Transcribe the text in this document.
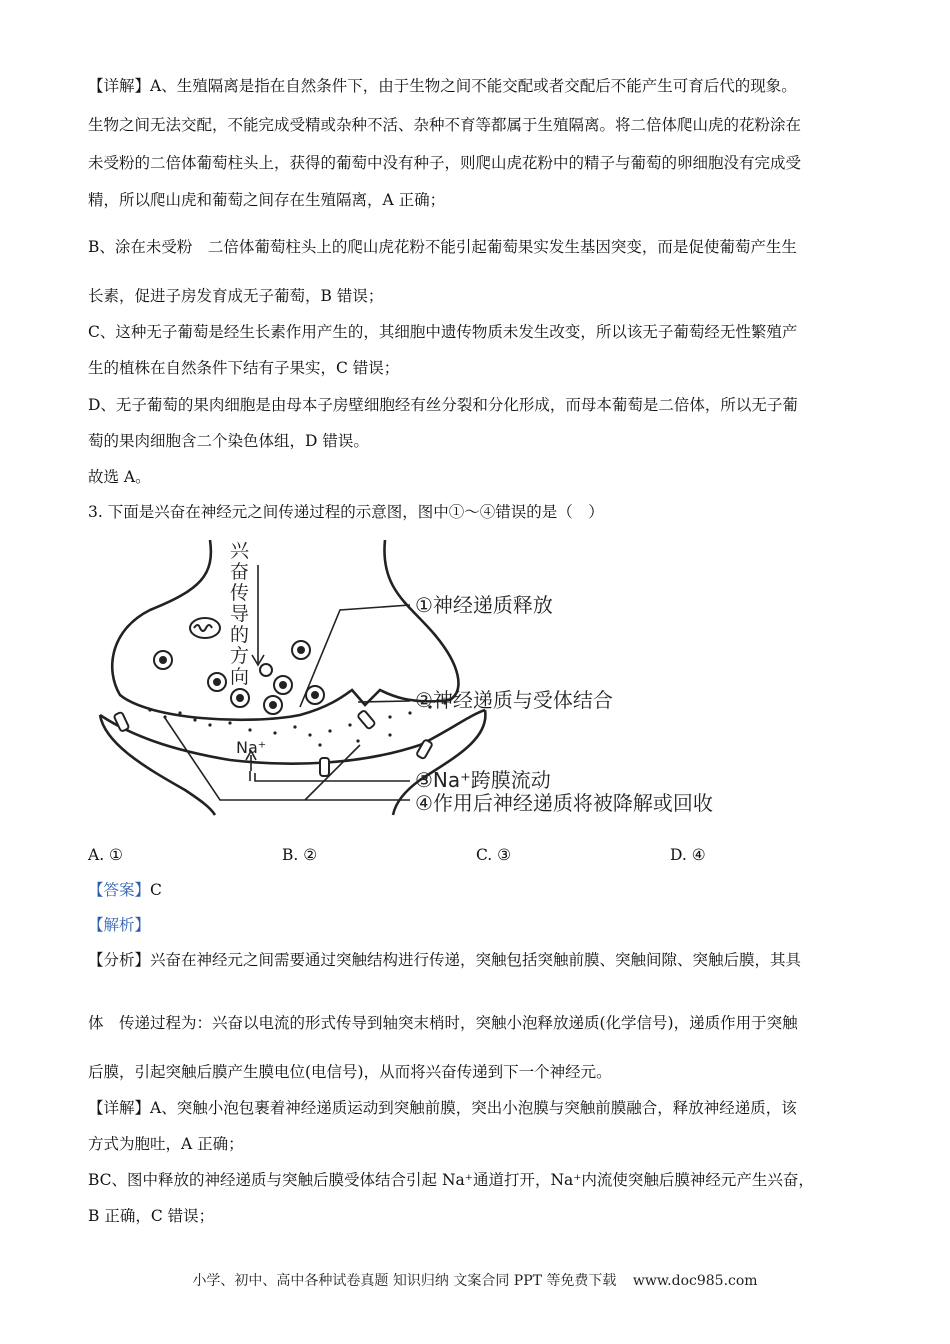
【详解】A、生殖隔离是指在自然条件下，由于生物之间不能交配或者交配后不能产生可育后代的现象。
生物之间无法交配，不能完成受精或杂种不活、杂种不育等都属于生殖隔离。将二倍体爬山虎的花粉涂在
未受粉的二倍体葡萄柱头上，获得的葡萄中没有种子，则爬山虎花粉中的精子与葡萄的卵细胞没有完成受
精，所以爬山虎和葡萄之间存在生殖隔离，A 正确；
B、涂在未受粉　二倍体葡萄柱头上的爬山虎花粉不能引起葡萄果实发生基因突变，而是促使葡萄产生生
长素，促进子房发育成无子葡萄，B 错误；
C、这种无子葡萄是经生长素作用产生的，其细胞中遗传物质未发生改变，所以该无子葡萄经无性繁殖产
生的植株在自然条件下结有子果实，C 错误；
D、无子葡萄的果肉细胞是由母本子房壁细胞经有丝分裂和分化形成，而母本葡萄是二倍体，所以无子葡
萄的果肉细胞含二个染色体组，D 错误。
故选 A。
3. 下面是兴奋在神经元之间传递过程的示意图，图中①～④错误的是（　）
兴
奋
传
导
的
方
向
Na⁺
①神经递质释放
②神经递质与受体结合
③Na⁺跨膜流动
④作用后神经递质将被降解或回收
A. ①	B. ②	C. ③	D. ④
【答案】C
【解析】
【分析】兴奋在神经元之间需要通过突触结构进行传递，突触包括突触前膜、突触间隙、突触后膜，其具
体　传递过程为：兴奋以电流的形式传导到轴突末梢时，突触小泡释放递质(化学信号)，递质作用于突触
后膜，引起突触后膜产生膜电位(电信号)，从而将兴奋传递到下一个神经元。
【详解】A、突触小泡包裹着神经递质运动到突触前膜，突出小泡膜与突触前膜融合，释放神经递质，该
方式为胞吐，A 正确；
BC、图中释放的神经递质与突触后膜受体结合引起 Na⁺通道打开，Na⁺内流使突触后膜神经元产生兴奋，
B 正确，C 错误；
小学、初中、高中各种试卷真题 知识归纳 文案合同 PPT 等免费下载 www.doc985.com
